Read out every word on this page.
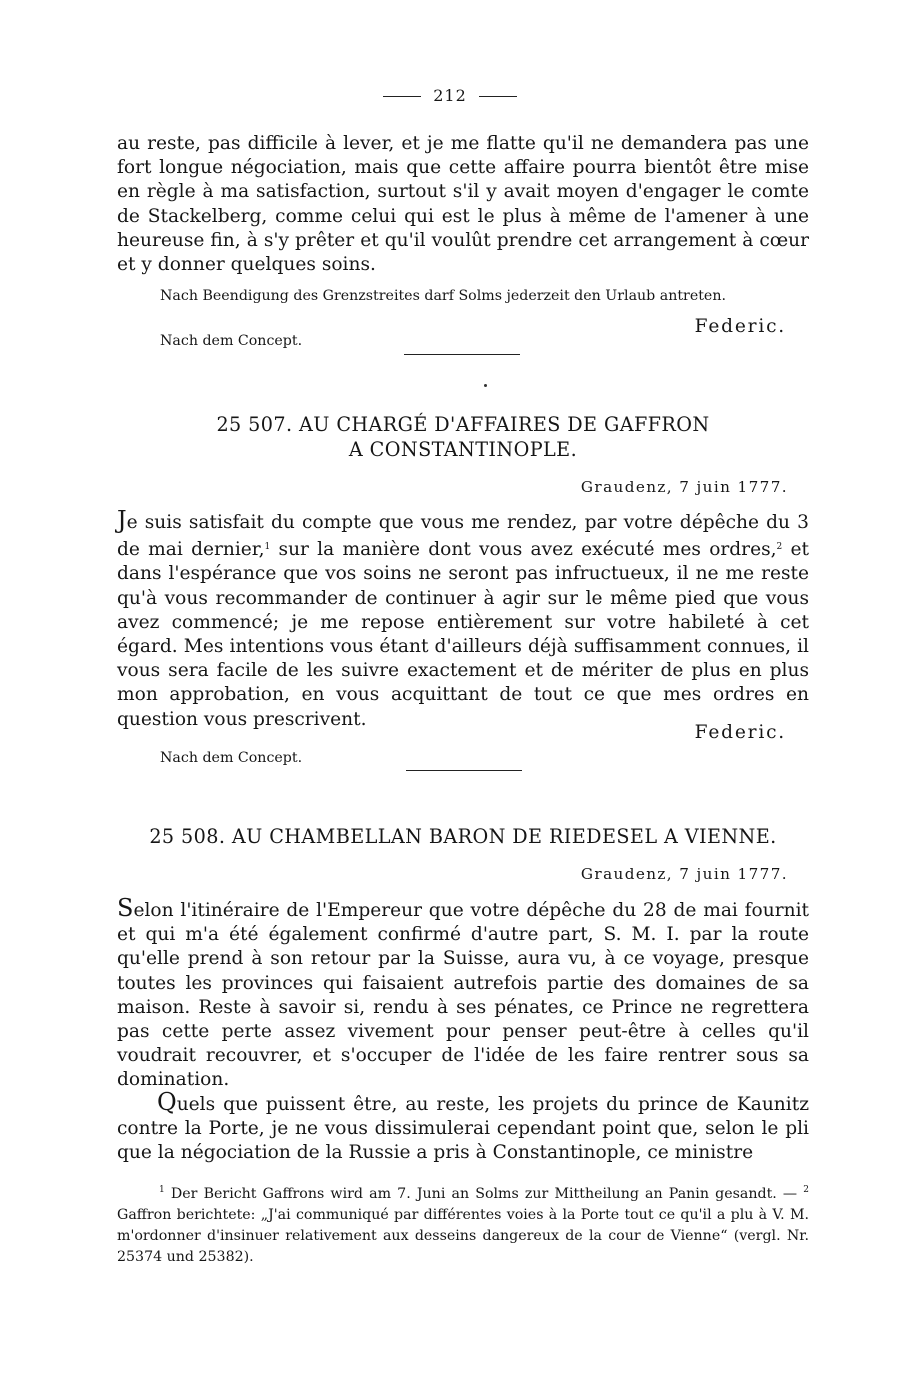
212

au reste, pas difficile à lever, et je me flatte qu'il ne demandera pas une fort longue négociation, mais que cette affaire pourra bientôt être mise en règle à ma satisfaction, surtout s'il y avait moyen d'engager le comte de Stackelberg, comme celui qui est le plus à même de l'amener à une heureuse fin, à s'y prêter et qu'il voulût prendre cet arrangement à cœur et y donner quelques soins.

Nach Beendigung des Grenzstreites darf Solms jederzeit den Urlaub antreten.

Federic.

Nach dem Concept.

25 507. AU CHARGÉ D'AFFAIRES DE GAFFRON
A CONSTANTINOPLE.
Graudenz, 7 juin 1777.

Je suis satisfait du compte que vous me rendez, par votre dépêche du 3 de mai dernier,$^1$ sur la manière dont vous avez exécuté mes ordres,$^2$ et dans l'espérance que vos soins ne seront pas infructueux, il ne me reste qu'à vous recommander de continuer à agir sur le même pied que vous avez commencé; je me repose entièrement sur votre habileté à cet égard. Mes intentions vous étant d'ailleurs déjà suffisamment connues, il vous sera facile de les suivre exactement et de mériter de plus en plus mon approbation, en vous acquittant de tout ce que mes ordres en question vous prescrivent.

Federic.

Nach dem Concept.

25 508. AU CHAMBELLAN BARON DE RIEDESEL A VIENNE.
Graudenz, 7 juin 1777.

Selon l'itinéraire de l'Empereur que votre dépêche du 28 de mai fournit et qui m'a été également confirmé d'autre part, S. M. I. par la route qu'elle prend à son retour par la Suisse, aura vu, à ce voyage, presque toutes les provinces qui faisaient autrefois partie des domaines de sa maison. Reste à savoir si, rendu à ses pénates, ce Prince ne regrettera pas cette perte assez vivement pour penser peut-être à celles qu'il voudrait recouvrer, et s'occuper de l'idée de les faire rentrer sous sa domination.

Quels que puissent être, au reste, les projets du prince de Kaunitz contre la Porte, je ne vous dissimulerai cependant point que, selon le pli que la négociation de la Russie a pris à Constantinople, ce ministre

$^1$ Der Bericht Gaffrons wird am 7. Juni an Solms zur Mittheilung an Panin gesandt. — $^2$ Gaffron berichtete: „J'ai communiqué par différentes voies à la Porte tout ce qu'il a plu à V. M. m'ordonner d'insinuer relativement aux desseins dangereux de la cour de Vienne“ (vergl. Nr. 25374 und 25382).
